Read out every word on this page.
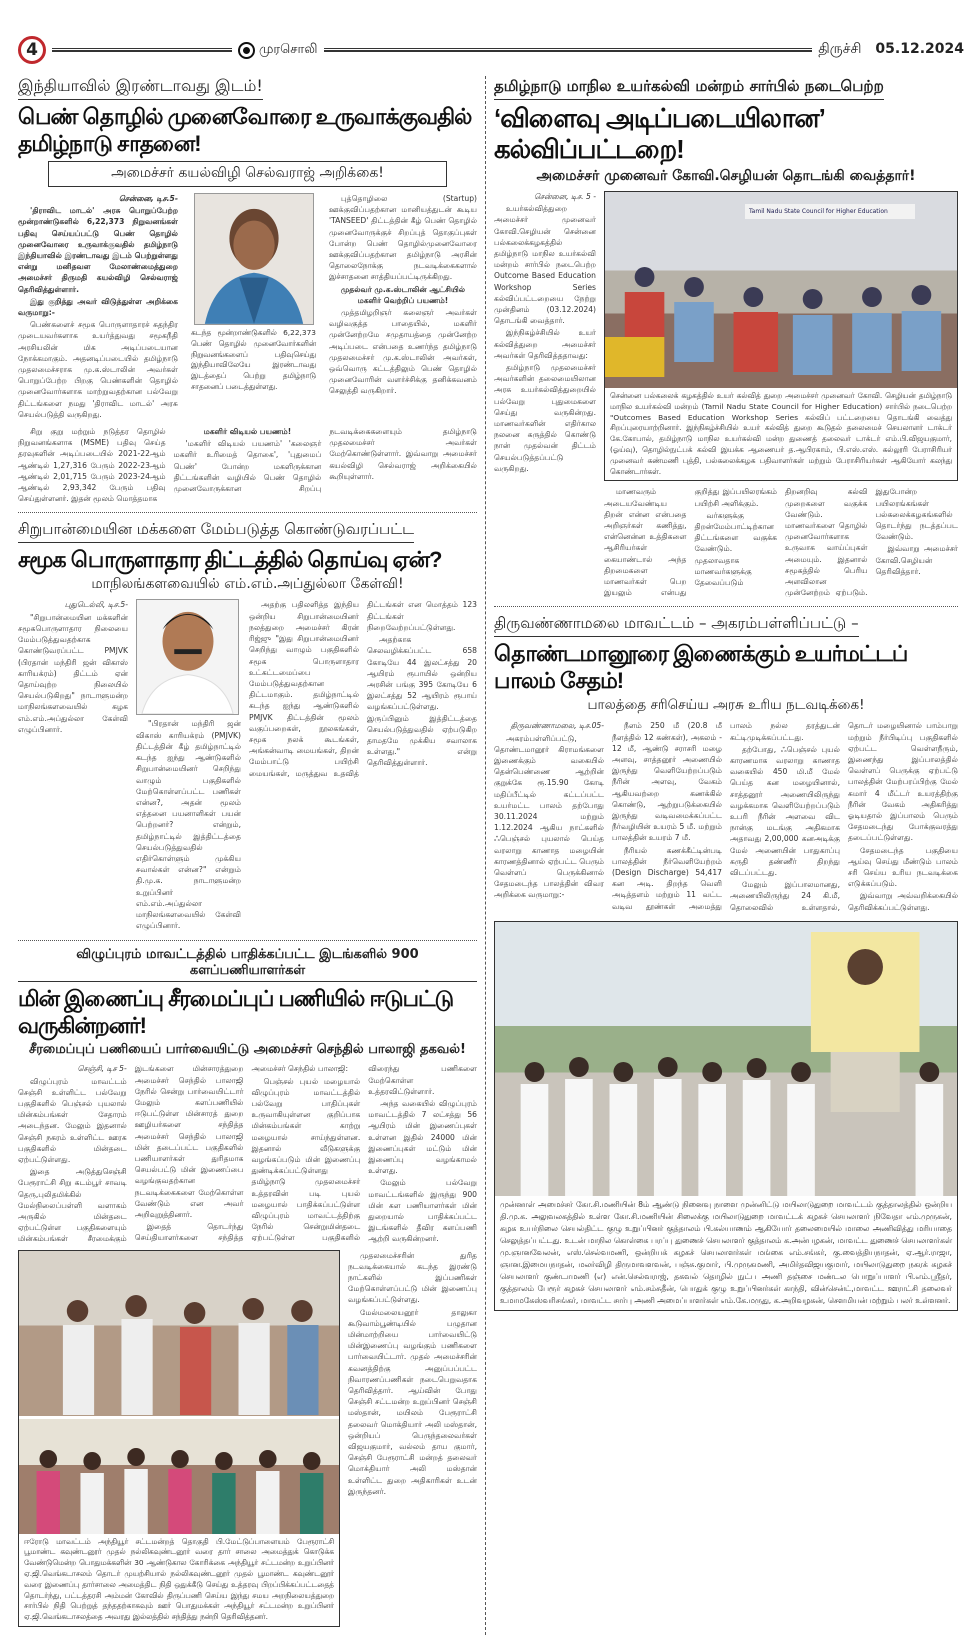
4	முரசொலி	திருச்சி 05.12.2024
இந்தியாவில் இரண்டாவது இடம்!
பெண் தொழில் முனைவோரை உருவாக்குவதில் தமிழ்நாடு சாதனை!
அமைச்சர் கயல்விழி செல்வராஜ் அறிக்கை!

சென்னை, டிச.5-

'திராவிட மாடல்' அரசு பொறுப்பேற்ற மூன்றாண்டுகளில் 6,22,373 நிறுவனங்கள் பதிவு செய்யப்பட்டு பெண் தொழில் முனைவோரை உருவாக்குவதில் தமிழ்நாடு இந்தியாவில் இரண்டாவது இடம் பெற்றுள்ளது என்று மனிதவள மேலாண்மைத்துறை அமைச்சர் திருமதி கயல்விழி செல்வராஜ் தெரிவித்துள்ளார்.

இது குறித்து அவர் விடுத்துள்ள அறிக்கை வருமாறு:-

பெண்களைச் சமூக பொருளாதாரச் சுதந்திர முடையவர்களாக உயர்த்துவது சமூகநீதி அரசியலின் மிக அடிப்படையான நோக்கமாகும். அதனடிப்படையில் தமிழ்நாடு முதலமைச்சராக மு.க.ஸ்டாலின் அவர்கள் பொறுப்பேற்ற பிறகு பெண்களின் தொழில் முனைவோர்களாக மாற்றுவதற்கான பல்வேறு திட்டங்களை நமது 'திராவிட மாடல்' அரசு செயல்படுத்தி வருகிறது.

கடந்த மூன்றாண்டுகளில் 6,22,373 பெண் தொழில் முனைவோர்களின் நிறுவனங்களைப் பதிவுசெய்து இந்தியாவிலேயே இரண்டாவது இடத்தைப் பெற்று தமிழ்நாடு சாதனைப் படைத்துள்ளது.

புத்தொழிலை (Startup) ஊக்குவிப்பதற்கான மானியத்துடன் கூடிய 'TANSEED' திட்டத்தின் கீழ் பெண் தொழில் முனைவோருக்குச் சிறப்புத் தொகுப்புகள் போன்ற பெண் தொழில்முனைவோரை ஊக்குவிப்பதற்கான தமிழ்நாடு அரசின் தொலைநோக்கு நடவடிக்கைகளால் இச்சாதனை சாத்தியப்பட்டிருக்கிறது.

முதல்வர் மு.க.ஸ்டாலின் ஆட்சியில் மகளிர் வெற்றிப் பயணம்!

முத்தமிழறிஞர் கலைஞர் அவர்கள் வழிவகுத்த பாதையில், மகளிர் முன்னேற்றமே சமுதாயத்தை முன்னேற்ற அடிப்படை என்பதை உணர்ந்த தமிழ்நாடு முதலமைச்சர் மு.க.ஸ்டாலின் அவர்கள், ஒவ்வொரு கட்டத்திலும் பெண் தொழில் முனைவோரின் வளர்ச்சிக்கு தனிக்கவனம் செலுத்தி வருகிறார்.

சிறு குறு மற்றும் நடுத்தர தொழில் நிறுவனங்களாக (MSME) பதிவு செய்த தரவுகளின் அடிப்படையில் 2021-22ஆம் ஆண்டில் 1,27,316 பேரும் 2022-23ஆம் ஆண்டில் 2,01,715 பேரும் 2023-24ஆம் ஆண்டில் 2,93,342 பேரும் பதிவு செய்துள்ளனர். இதன் மூலம் மொத்தமாக

மகளிர் விடியல் பயணம்!

'மகளிர் விடியல் பயணம்' 'கலைஞர் மகளிர் உரிமைத் தொகை', 'புதுமைப் பெண்' போன்ற மகளிருக்கான திட்டங்களின் வழியில் பெண் தொழில் முனைவோருக்கான சிறப்பு நடவடிக்கைகளையும் தமிழ்நாடு முதலமைச்சர் அவர்கள் மேற்கொண்டுள்ளார். இவ்வாறு அமைச்சர் கயல்விழி செல்வராஜ் அறிக்கையில் கூறியுள்ளார்.

சிறுபான்மையின மக்களை மேம்படுத்த கொண்டுவரப்பட்ட
சமூக பொருளாதார திட்டத்தில் தொய்வு ஏன்?
மாநிலங்களவையில் எம்.எம்.அப்துல்லா கேள்வி!

புதுடெல்லி, டிச.5-

"சிறுபான்மையின மக்களின் சமூகபொருளாதார நிலையை மேம்படுத்துவதற்காக கொண்டுவரப்பட்ட PMJVK (பிரதான் மந்திரி ஜன் விகாஸ் காரியக்ரம்) திட்டம் ஏன் தொய்வுற்ற நிலையில் செயல்படுகிறது" நாடாளுமன்ற மாநிலங்களவையில் கழக எம்.எம்.அப்துல்லா கேள்வி எழுப்பினார்.

"பிரதான் மந்திரி ஜன் விகாஸ் காரியக்ரம் (PMJVK) திட்டத்தின் கீழ் தமிழ்நாட்டில் கடந்த ஐந்து ஆண்டுகளில் சிறுபான்மையினர் செறிந்து வாழும் பகுதிகளில் மேற்கொள்ளப்பட்ட பணிகள் என்ன?, அதன் மூலம் எத்தனை பயனாளிகள் பயன் பெற்றனர்? என்றும், தமிழ்நாட்டில் இத்திட்டத்தை செயல்படுத்துவதில் எதிர்கொள்ளும் முக்கிய சவால்கள் என்ன?" என்றும் தி.மு.க. நாடாளுமன்ற உறுப்பினர் எம்.எம்.அப்துல்லா மாநிலங்களவையில் கேள்வி எழுப்பினார்.

அதற்கு பதிலளித்த இந்திய ஒன்றிய சிறுபான்மையினர் நலத்துறை அமைச்சர் கிரன் ரிஜ்ஜு "இது சிறுபான்மையினர் செறிந்து வாழும் பகுதிகளில் சமூக பொருளாதார உட்கட்டமைப்பை மேம்படுத்துவதற்கான திட்டமாகும். தமிழ்நாட்டில் கடந்த ஐந்து ஆண்டுகளில் PMJVK திட்டத்தின் மூலம் வகுப்பறைகள், நூலகங்கள், சமூக நலக் கூடங்கள், அங்கன்வாடி மையங்கள், திறன் மேம்பாட்டு பயிற்சி மையங்கள், மருத்துவ உதவித் திட்டங்கள் என மொத்தம் 123 திட்டங்கள் நிறைவேற்றப்பட்டுள்ளது.

அதற்காக செலவழிக்கப்பட்ட 658 கோடியே 44 இலட்சத்து 20 ஆயிரம் ரூபாயில் ஒன்றிய அரசின் பங்கு 395 கோடியே 6 இலட்சத்து 52 ஆயிரம் ரூபாய் வழங்கப்பட்டுள்ளது. இருப்பினும் இத்திட்டத்தை செயல்படுத்துவதில் ஏற்படுகிற தாமதமே முக்கிய சவாலாக உள்ளது." என்று தெரிவித்துள்ளார்.

விழுப்புரம் மாவட்டத்தில் பாதிக்கப்பட்ட இடங்களில் 900 களப்பணியாளர்கள்
மின் இணைப்பு சீரமைப்புப் பணியில் ஈடுபட்டு வருகின்றனர்!
சீரமைப்புப் பணியைப் பார்வையிட்டு அமைச்சர் செந்தில் பாலாஜி தகவல்!

செஞ்சி, டிச 5-

விழுப்புரம் மாவட்டம் செஞ்சி உள்ளிட்ட பல்வேறு பகுதிகளில் பெஞ்சல் புயலால் மின்கம்பங்கள் சேதாரம் அடைந்தன. மேலும் இதனால் செஞ்சி நகரம் உள்ளிட்ட ஊரக பகுதிகளில் மின்தடை ஏற்பட்டுள்ளது.

இதை அடுத்துசெஞ்சி பேரூராட்சி சிறு கடம்பூர் சாவடி தெரு,புலிதமிக்கில் மேல்நிலைப்பள்ளி வளாகம் அருகில் மின்தடை ஏற்பட்டுள்ள பகுதிகளையும் மின்கம்பங்கள் சீரமைக்கும் இடங்களை மின்சாரத்துறை அமைச்சர் செந்தில் பாலாஜி நேரில் சென்று பார்வையிட்டார் மேலும் களப்பணியில் ஈடுபட்டுள்ள மின்சாரத் துறை ஊழியர்களை சந்தித்த அமைச்சர் செந்தில் பாலாஜி மின் தடைப்பட்ட பகுதிகளில் பணியாளர்கள் துரிதமாக செயல்பட்டு மின் இணைப்பை வழங்குவதற்கான நடவடிக்கைகளை மேற்கொள்ள வேண்டும் என அவர் அறிவுறுத்தினார்.

இதைத் தொடர்ந்து செய்தியாளர்களை சந்தித்த அமைச்சர் செந்தில் பாலாஜி:

பெஞ்சல் புயல் மழையால் விழுப்புரம் மாவட்டத்தில் பல்வேறு பாதிப்புகள் உருவாகியுள்ளன குறிப்பாக மின்கம்பங்கள் காற்று மழையால் சாய்ந்துள்ளன. இதனால் வீடுகளுக்கு வழங்கப்படும் மின் இணைப்பு துண்டிக்கப்பட்டுள்ளது தமிழ்நாடு முதலமைச்சர் உத்தரவின் படி புயல் மழையால் பாதிக்கப்பட்டுள்ள விழுப்புரம் மாவட்டத்திற்கு நேரில் சென்றுமின்தடை ஏற்பட்டுள்ள பகுதிகளில் விரைந்து பணிகளை மேற்கொள்ள உத்தரவிட்டுள்ளார்.

அந்த வகையில் விழுப்புரம் மாவட்டத்தில் 7 லட்சத்து 56 ஆயிரம் மின் இணைப்புகள் உள்ளன இதில் 24000 மின் இணைப்புகள் மட்டும் மின் இணைப்பு வழங்காமல் உள்ளது.

மேலும் பல்வேறு மாவட்டங்களில் இருந்து 900 மின் கள பணியாளர்கள் மின் துறையால் பாதிக்கப்பட்ட இடங்களில் தீவிர களப்பணி ஆற்றி வருகின்றனர்.

ஈரோடு மாவட்டம் அந்தியூர் சட்டமன்றத் தொகுதி பி.மேட்டுப்பாளையம் பேரூராட்சி பூமாண்ட கவுண்டனூர் முதல் நல்லிகவுண்டனூர் வரை தார் சாலை அமைத்துக் கொடுக்க வேண்டுமென்ற பொதுமக்களின் 30 ஆண்டுகால கோரிக்கை அந்தியூர் சட்டமன்ற உறுப்பினர் ஏ.ஜி.வெங்கடாசலம் தொடர் முயற்சியால் நல்லிகவுண்டனூர் முதல் பூமாண்ட கவுண்டனூர் வரை இணைப்பு தார்சாலை அமைத்திட நிதி ஒதுக்கீடு செய்து உத்தரவு பிறப்பிக்கப்பட்டதைத் தொடர்ந்து, பட்டத்தரசி அம்மன் கோவில் திருப்பணி செய்ய இந்து சமய அறநிலையத்துறை சார்பில் நிதி பெற்றுத் தந்ததற்காகவும் ஊர் பொதுமக்கள் அந்தியூர் சட்டமன்ற உறுப்பினர் ஏ.ஜி.வெங்கடாசலத்தை அவரது இல்லத்தில் சந்தித்து நன்றி தெரிவித்தனர்.

முதலமைச்சரின் துரித நடவடிக்கையால் கடந்த இரண்டு நாட்களில் இப்பணிகள் மேற்கொள்ளப்பட்டு மின் இணைப்பு வழங்கப்பட்டுள்ளது.

மேல்மலையனூர் தாலுகா கூடுவாம்பூண்டியில் பழுதான மின்மாற்றியை பார்வையிட்டு மின்இணைப்பு வழங்கும் பணிகளை பார்வையிட்டார். முதல் அமைச்சரின் கவனத்திற்கு அனுப்பப்பட்ட நிவாரணப்பணிகள் நடைபெறுவதாக தெரிவித்தார். ஆய்வின் போது செஞ்சி சட்டமன்ற உறுப்பினர் செஞ்சி மஸ்தான், மயிலம் பேரூராட்சி தலைவர் மொக்தியார் அலி மஸ்தான், ஒன்றியப் பெருந்தலைவர்கள் விஜயகுமார், வல்லம் தாய குமார், செஞ்சி பேரூராட்சி மன்றத் தலைவர் மொக்தியார் அலி மஸ்தான் உள்ளிட்ட துறை அதிகாரிகள் உடன் இருந்தனர்.

தமிழ்நாடு மாநில உயர்கல்வி மன்றம் சார்பில் நடைபெற்ற
‘விளைவு அடிப்படையிலான’ கல்விப்பட்டறை!
அமைச்சர் முனைவர் கோவி.செழியன் தொடங்கி வைத்தார்!

சென்னை, டிச. 5 -

உயர்கல்வித்துறை அமைச்சர் முனைவர் கோவி.செழியன் சென்னை பல்கலைக்கழகத்தில் தமிழ்நாடு மாநில உயர்கல்வி மன்றம் சார்பில் நடைபெற்ற Outcome Based Education Workshop Series கல்விப்பட்டறையை நேற்று முன்தினம் (03.12.2024) தொடங்கி வைத்தார்.

இந்நிகழ்ச்சியில் உயர் கல்வித்துறை அமைச்சர் அவர்கள் தெரிவித்ததாவது:

தமிழ்நாடு முதலமைச்சர் அவர்களின் தலைமையிலான அரசு உயர்கல்வித்துறையில் பல்வேறு புதுமைகளை செய்து வருகின்றது. மாணவர்களின் எதிர்கால நலனை கருத்தில் கொண்டு நான் முதல்வன் திட்டம் செயல்படுத்தப்பட்டு வருகிறது.

Tamil Nadu State Council for Higher Education
சென்னை பல்கலைக் கழகத்தில் உயர் கல்வித் துறை அமைச்சர் முனைவர் கோவி. செழியன் தமிழ்நாடு மாநில உயர்கல்வி மன்றம் (Tamil Nadu State Council for Higher Education) சார்பில் நடைபெற்ற "Outcomes Based Education Workshop Series கல்விப் பட்டறையை தொடங்கி வைத்து சிறப்புரையாற்றினார். இந்நிகழ்ச்சியில் உயர் கல்வித் துறை கூடுதல் தலைமைச் செயலாளர் டாக்டர் கே.கோபால், தமிழ்நாடு மாநில உயர்கல்வி மன்ற துணைத் தலைவர் டாக்டர் எம்.பி.விஜயகுமார், (ஓய்வு), தொழில்நுட்பக் கல்வி இயக்க ஆணையர் த.ஆபிரகாம், பி.எஸ்.எஸ். கல்லூரி பேராசிரியர் முனைவர் கண்மணி புத்தி, பல்கலைக்கழக பதிவாளர்கள் மற்றும் பேராசிரியர்கள் ஆகியோர் கலந்து கொண்டார்கள்.

மாணவரும் அடையவேண்டிய திறன் என்ன என்பதை அறிஞர்கள் கணித்து, என்னென்ன உத்திகளை ஆசிரியர்கள் கையாண்டால் அந்த திறமைகளை மாணவர்கள் பெற இயலும் என்பது குறித்து இப்பயிலரங்கம் பயிற்சி அளிக்கும்.

வர்களுக்கு திறன்மேம்பாட்டிற்கான திட்டங்களை வகுக்க வேண்டும். முதலாவதாக மாணவர்களுக்கு தேவைப்படும் திறனறிவு கல்வி முறைகளை வகுக்க வேண்டும். மாணவர்களை தொழில் முனைவோர்களாக உருவாக வாய்ப்புகள் அமையும். இதனால் சமூகத்தில் பெரிய அளவிலான முன்னேற்றம் ஏற்படும். இதுபோன்ற பயிலரங்கங்கள் பல்கலைக்கழகங்களில் தொடர்ந்து நடத்தப்பட வேண்டும்.

இவ்வாறு அமைச்சர் கோவி.செழியன் தெரிவித்தார்.

திருவண்ணாமலை மாவட்டம் – அகரம்பள்ளிப்பட்டு –
தொண்டமானூரை இணைக்கும் உயர்மட்டப் பாலம் சேதம்!
பாலத்தை சரிசெய்ய அரசு உரிய நடவடிக்கை!

திருவண்ணாமலை, டிச.05-

அகரம்பள்ளிப்பட்டு, தொண்டமானூர் கிராமங்களை இணைக்கும் வகையில் தென்பெண்ணை ஆற்றின் குறுக்கே ரூ.15.90 கோடி மதிப்பீட்டில் கட்டப்பட்ட உயர்மட்ட பாலம் தற்போது 30.11.2024 மற்றும் 1.12.2024 ஆகிய நாட்களில் ஃபெஞ்சல் புயலால் பெய்த வரலாறு காணாத மழையின் காரணத்தினால் ஏற்பட்ட பெரும் வெள்ளப் பெருக்கினால் சேதமடைந்த பாலத்தின் விவர அறிக்கை வருமாறு:-

நீளம் 250 மீ (20.8 மீ நீளத்தில் 12 கண்கள்), அகலம் - 12 மீ, ஆண்டு சராசரி மழை அளவு, சாத்தனூர் அணையில் இருந்து வெளியேற்றப்படும் நீரின் அளவு, வேகம் ஆகியவற்றை கணக்கில் கொண்டு, ஆற்றுபடுக்கையில் இருந்து வடிவமைக்கப்பட்ட நீர்வழியின் உயரம் 5 மீ. மற்றும் பாலத்தின் உயரம் 7 மீ.

நீரியல் கணக்கீட்டின்படி பாலத்தின் நீர்வெளியேற்றம் (Design Discharge) 54,417 கன அடி. திறந்த வெளி அடித்தளம் மற்றும் 11 வட்ட வடிவ தூண்கள் அமைத்து பாலம் நல்ல தரத்துடன் கட்டிமுடிக்கப்பட்டது.

தற்போது, ஃபெஞ்சல் புயல் காரணமாக வரலாறு காணாத வகையில் 450 மி.மீ மேல் பெய்த கன மழையினால், சாத்தனூர் அணையிலிருந்து வழக்கமாக வெளியேற்றப்படும் உபரி நீரின் அளவை விட நான்கு மடங்கு அதிகமாக அதாவது 2,00,000 கனஅடிக்கு மேல் அணையின் பாதுகாப்பு கருதி தண்ணீர் திறந்து விடப்பட்டது.

மேலும் இப்பாலமானது, அணையிலிருந்து 24 கி.மீ, தொலைவில் உள்ளதால், தொடர் மழையினால் பாம்பாறு மற்றும் நீர்பிடிப்பு பகுதிகளில் ஏற்பட்ட வெள்ளநீரும், இணைந்து இப்பாலத்தில் வெள்ளப் பெருக்கு ஏற்பட்டு பாலத்தின் மேற்பரப்பிற்கு மேல் சுமார் 4 மீட்டர் உயரத்திற்கு நீரின் வேகம் அதிகரித்து ஓடியதால் இப்பாலம் பெரும் சேதமடைந்து போக்குவரத்து தடைப்பட்டுள்ளது.

சேதமடைந்த பகுதியை ஆய்வு செய்து மீண்டும் பாலம் சரி செய்ய உரிய நடவடிக்கை எடுக்கப்படும்.

இவ்வாறு அவ்வறிக்கையில் தெரிவிக்கப்பட்டுள்ளது.

முன்னாள் அமைச்சர் கோ.சி.மணியின் 8ம் ஆண்டு நினைவு நாளை முன்னிட்டு மயிலாடுதுறை மாவட்டம் குத்தாலத்தில் ஒன்றிய தி.மு.க. அலுவலகத்தில் உள்ள கோ.சி.மணியின் சிலைக்கு மயிலாடுதுறை மாவட்டக் கழகச் செயலாளர் நிவேதா எம்.முருகன், கழக உயர்நிலை செயல்திட்ட குழு உறுப்பினர் குத்தாலம் பி.கல்யாணம் ஆகியோர் தலைமையில் மாலை அணிவித்து மரியாதை செலுத்தப்பட்டது. உடன் மாநில கொள்கை பரப்பு துணைச் செயலாளர் குத்தாலம் க.அன்பழகன், மாவட்ட துணைச் செயலாளர்கள் மு.ஞானவேலன், எஸ்.செல்வமணி, ஒன்றியக் கழகச் செயலாளர்கள் மங்கை எம்.சங்கர், கு.வைத்தியநாதன், ஏ.ஆர்.ராஜா, ஞான.இமையநாதன், மலர்விழி திருமாவளவன், பஞ்சு.குமார், பி.முருகமணி, அமிர்தவிஜயகுமார், மயிலாடுதுறை நகரக் கழகச் செயலாளர் குண்டாமணி (எ) என்.செல்வராஜ், தகவல் தொழில் நுட்ப அணி தஞ்சை மண்டல பொறுப்பாளர் பி.எம்.ஸ்ரீதர், குத்தாலம் பேரூர் கழகச் செயலாளர் எம்.சம்சுதீன், பொதுக் குழு உறுப்பினர்கள் காந்தி, வின்சென்ட்,மாவட்ட ஊராட்சி தலைவர் உமாமகேஸ்வரிசங்கர், மாவட்ட சார்பு அணி அமைப்பாளர்கள் எம்.கே.மருது, க.அறிவழகன், சௌமியன் மற்றும் பலர் உள்ளனர்.
